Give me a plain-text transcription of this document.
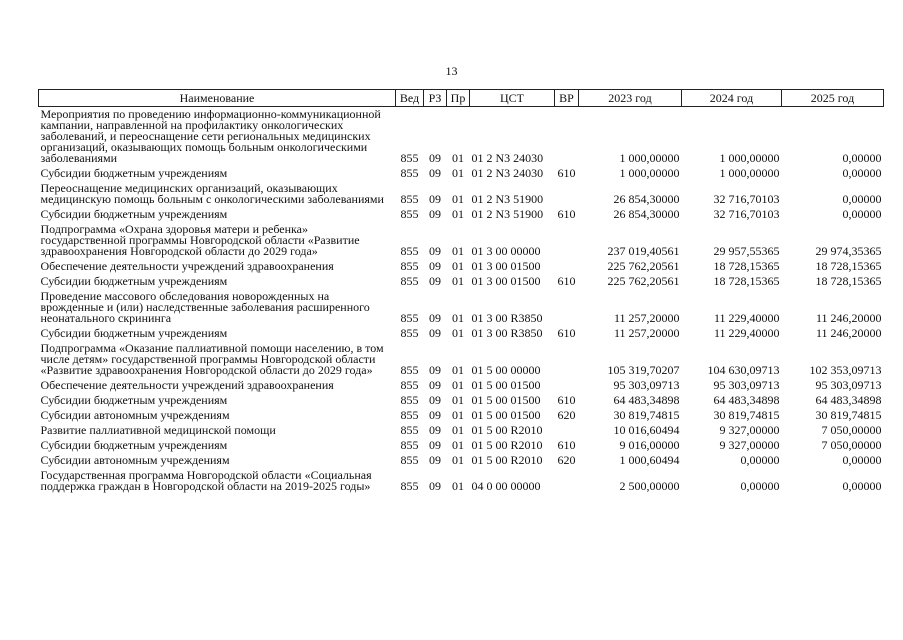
13
Наименование	Вед	РЗ	Пр	ЦСТ	ВР	2023 год	2024 год	2025 год
Мероприятия по проведению информационно-коммуникационной кампании, направленной на профилактику онкологических заболеваний, и переоснащение сети региональных медицинских организаций, оказывающих помощь больным онкологическими заболеваниями	855	09	01	01 2 N3 24030		1 000,00000	1 000,00000	0,00000
Субсидии бюджетным учреждениям	855	09	01	01 2 N3 24030	610	1 000,00000	1 000,00000	0,00000
Переоснащение медицинских организаций, оказывающих медицинскую помощь больным с онкологическими заболеваниями	855	09	01	01 2 N3 51900		26 854,30000	32 716,70103	0,00000
Субсидии бюджетным учреждениям	855	09	01	01 2 N3 51900	610	26 854,30000	32 716,70103	0,00000
Подпрограмма «Охрана здоровья матери и ребенка» государственной программы Новгородской области «Развитие здравоохранения Новгородской области до 2029 года»	855	09	01	01 3 00 00000		237 019,40561	29 957,55365	29 974,35365
Обеспечение деятельности учреждений здравоохранения	855	09	01	01 3 00 01500		225 762,20561	18 728,15365	18 728,15365
Субсидии бюджетным учреждениям	855	09	01	01 3 00 01500	610	225 762,20561	18 728,15365	18 728,15365
Проведение массового обследования новорожденных на врожденные и (или) наследственные заболевания расширенного неонатального скрининга	855	09	01	01 3 00 R3850		11 257,20000	11 229,40000	11 246,20000
Субсидии бюджетным учреждениям	855	09	01	01 3 00 R3850	610	11 257,20000	11 229,40000	11 246,20000
Подпрограмма «Оказание паллиативной помощи населению, в том числе детям» государственной программы Новгородской области «Развитие здравоохранения Новгородской области до 2029 года»	855	09	01	01 5 00 00000		105 319,70207	104 630,09713	102 353,09713
Обеспечение деятельности учреждений здравоохранения	855	09	01	01 5 00 01500		95 303,09713	95 303,09713	95 303,09713
Субсидии бюджетным учреждениям	855	09	01	01 5 00 01500	610	64 483,34898	64 483,34898	64 483,34898
Субсидии автономным учреждениям	855	09	01	01 5 00 01500	620	30 819,74815	30 819,74815	30 819,74815
Развитие паллиативной медицинской помощи	855	09	01	01 5 00 R2010		10 016,60494	9 327,00000	7 050,00000
Субсидии бюджетным учреждениям	855	09	01	01 5 00 R2010	610	9 016,00000	9 327,00000	7 050,00000
Субсидии автономным учреждениям	855	09	01	01 5 00 R2010	620	1 000,60494	0,00000	0,00000
Государственная программа Новгородской области «Социальная поддержка граждан в Новгородской области на 2019-2025 годы»	855	09	01	04 0 00 00000		2 500,00000	0,00000	0,00000
